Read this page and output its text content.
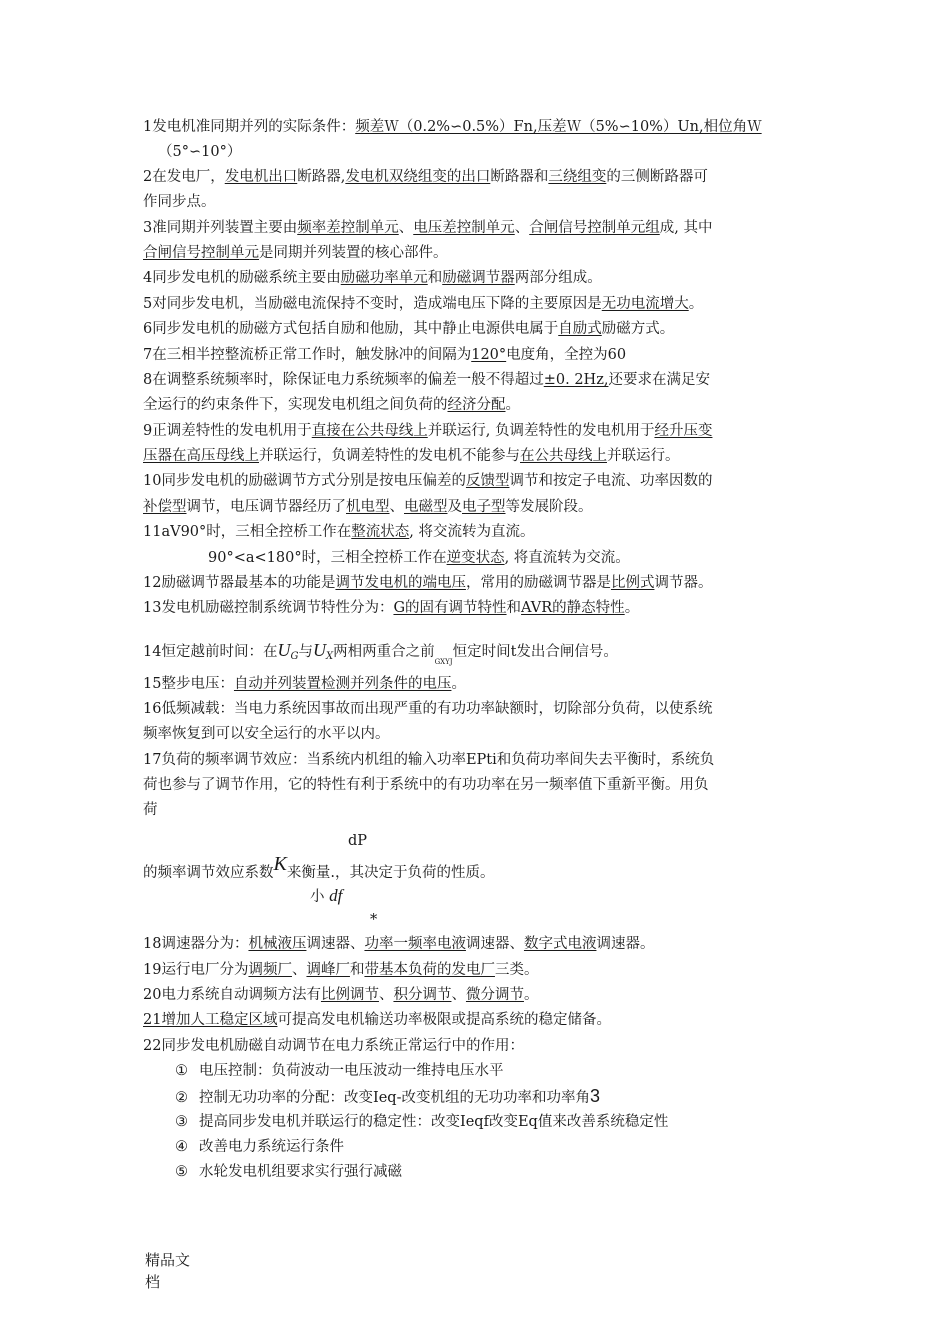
1发电机准同期并列的实际条件：频差Ｗ（0.2%∽0.5%）Fn,压差Ｗ（5%∽10%）Un,相位角Ｗ
（5°∽10°）
2在发电厂，发电机出口断路器,发电机双绕组变的出口断路器和三绕组变的三侧断路器可
作同步点。
3准同期并列装置主要由频率差控制单元、电压差控制单元、合闸信号控制单元组成, 其中
合闸信号控制单元是同期并列装置的核心部件。
4同步发电机的励磁系统主要由励磁功率单元和励磁调节器两部分组成。
5对同步发电机，当励磁电流保持不变时，造成端电压下降的主要原因是无功电流增大。
6同步发电机的励磁方式包括自励和他励，其中静止电源供电属于自励式励磁方式。
7在三相半控整流桥正常工作时，触发脉冲的间隔为120°电度角，全控为60
8在调整系统频率时，除保证电力系统频率的偏差一般不得超过±0. 2Hz,还要求在满足安
全运行的约束条件下，实现发电机组之间负荷的经济分配。
9正调差特性的发电机用于直接在公共母线上并联运行, 负调差特性的发电机用于经升压变
压器在高压母线上并联运行，负调差特性的发电机不能参与在公共母线上并联运行。
10同步发电机的励磁调节方式分别是按电压偏差的反馈型调节和按定子电流、功率因数的
补偿型调节，电压调节器经历了机电型、电磁型及电子型等发展阶段。
11aV90°时，三相全控桥工作在整流状态, 将交流转为直流。
90°<a<180°时，三相全控桥工作在逆变状态, 将直流转为交流。
12励磁调节器最基本的功能是调节发电机的端电压，常用的励磁调节器是比例式调节器。
13发电机励磁控制系统调节特性分为：G的固有调节特性和AVR的静态特性。
14恒定越前时间：在$U_G$与$U_X$两相两重合之前$_{GXYJ}$恒定时间t发出合闸信号。
15整步电压：自动并列装置检测并列条件的电压。
16低频减载：当电力系统因事故而出现严重的有功功率缺额时，切除部分负荷，以使系统
频率恢复到可以安全运行的水平以内。
17负荷的频率调节效应：当系统内机组的输入功率EPti和负荷功率间失去平衡时，系统负
荷也参与了调节作用，它的特性有利于系统中的有功功率在另一频率值下重新平衡。用负
荷
dP
的频率调节效应系数K来衡量.，其决定于负荷的性质。
小 df
*
18调速器分为：机械液压调速器、功率一频率电液调速器、数字式电液调速器。
19运行电厂分为调频厂、调峰厂和带基本负荷的发电厂三类。
20电力系统自动调频方法有比例调节、积分调节、微分调节。
21增加人工稳定区域可提高发电机输送功率极限或提高系统的稳定储备。
22同步发电机励磁自动调节在电力系统正常运行中的作用：
① 电压控制：负荷波动一电压波动一维持电压水平
② 控制无功功率的分配：改变Ieq-改变机组的无功功率和功率角3
③ 提高同步发电机并联运行的稳定性：改变Ieqf改变Eq值来改善系统稳定性
④ 改善电力系统运行条件
⑤ 水轮发电机组要求实行强行减磁
精品文
档
